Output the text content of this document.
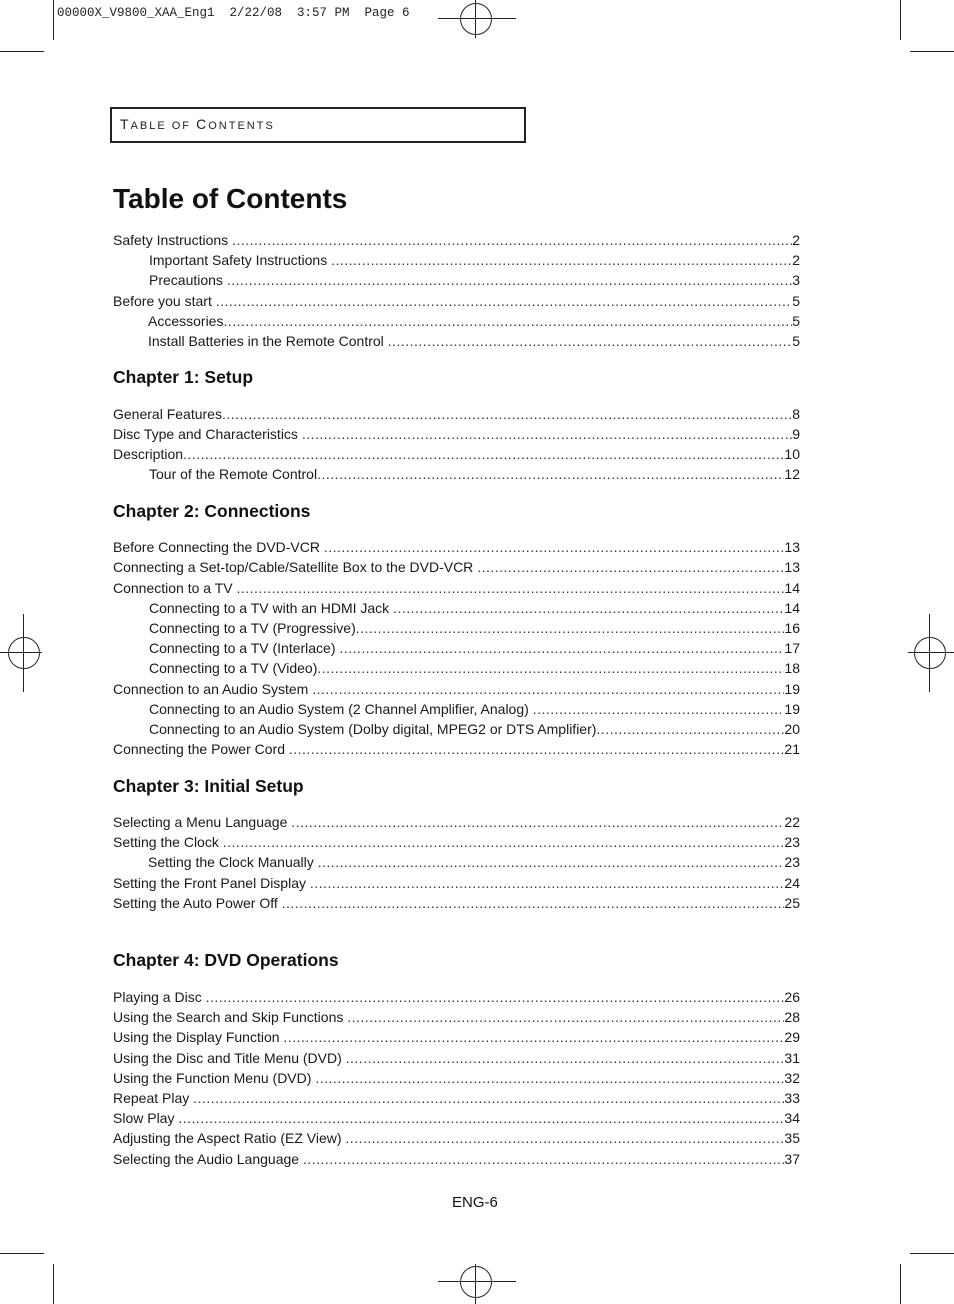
00000X_V9800_XAA_Eng1  2/22/08  3:57 PM  Page 6
TABLE OF CONTENTS
Table of Contents
Safety Instructions .....	2
Important Safety Instructions .....	2
Precautions .....	3
Before you start .....	5
Accessories .....	5
Install Batteries in the Remote Control .....	5
Chapter 1: Setup
General Features .....	8
Disc Type and Characteristics .....	9
Description .....	10
Tour of the Remote Control .....	12
Chapter 2: Connections
Before Connecting the DVD-VCR .....	13
Connecting a Set-top/Cable/Satellite Box to the DVD-VCR .....	13
Connection to a TV .....	14
Connecting to a TV with an HDMI Jack .....	14
Connecting to a TV (Progressive) .....	16
Connecting to a TV (Interlace) .....	17
Connecting to a TV (Video) .....	18
Connection to an Audio System .....	19
Connecting to an Audio System (2 Channel Amplifier, Analog) .....	19
Connecting to an Audio System (Dolby digital, MPEG2 or DTS Amplifier) .....	20
Connecting the Power Cord .....	21
Chapter 3: Initial Setup
Selecting a Menu Language .....	22
Setting the Clock .....	23
Setting the Clock Manually .....	23
Setting the Front Panel Display .....	24
Setting the Auto Power Off .....	25
Chapter 4: DVD Operations
Playing a Disc .....	26
Using the Search and Skip Functions .....	28
Using the Display Function .....	29
Using the Disc and Title Menu (DVD) .....	31
Using the Function Menu (DVD) .....	32
Repeat Play .....	33
Slow Play .....	34
Adjusting the Aspect Ratio (EZ View) .....	35
Selecting the Audio Language .....	37
ENG-6
